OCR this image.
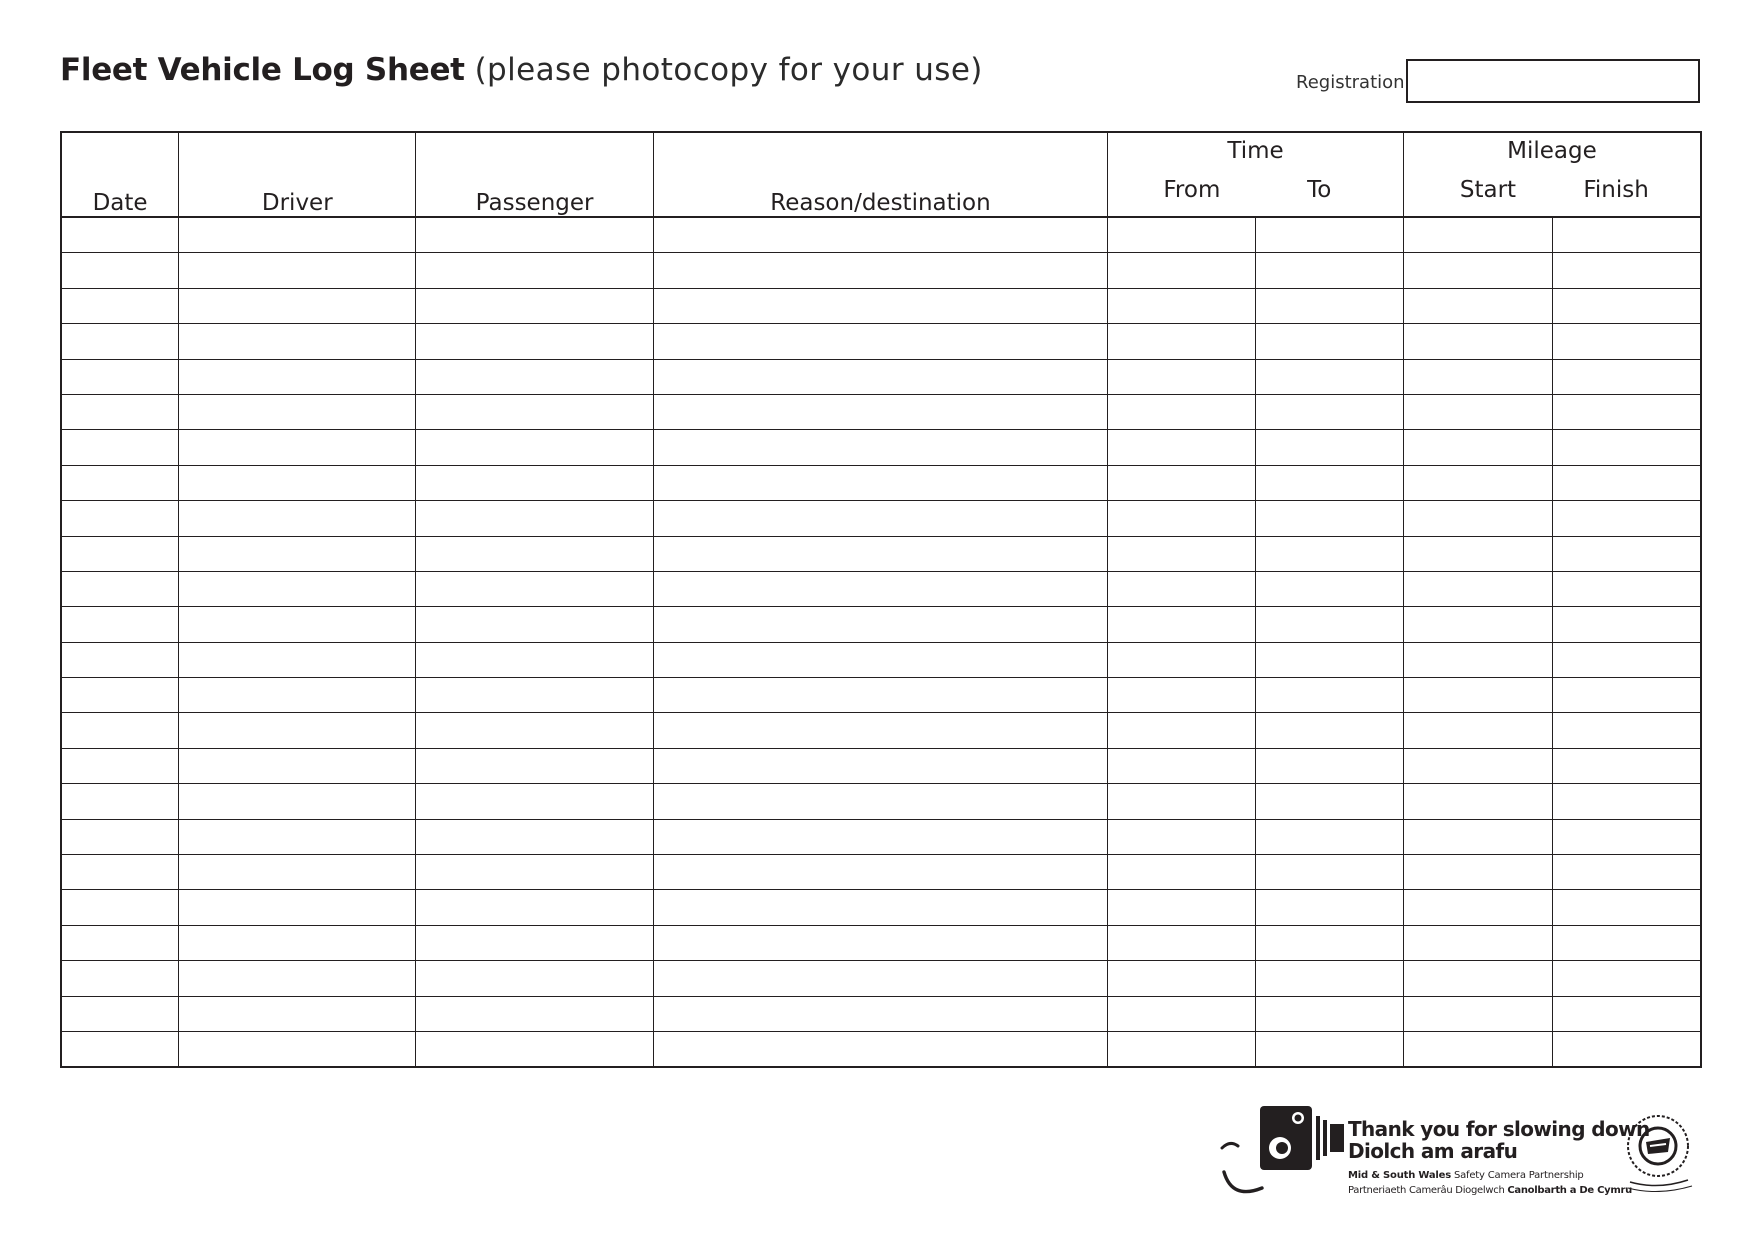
Fleet Vehicle Log Sheet (please photocopy for your use)	Registration
Date	Driver	Passenger	Reason/destination	Time		Mileage	
				From	To	Start	Finish

Thank you for slowing down
Diolch am arafu
Mid & South Wales Safety Camera Partnership
Partneriaeth Camerâu Diogelwch Canolbarth a De Cymru
